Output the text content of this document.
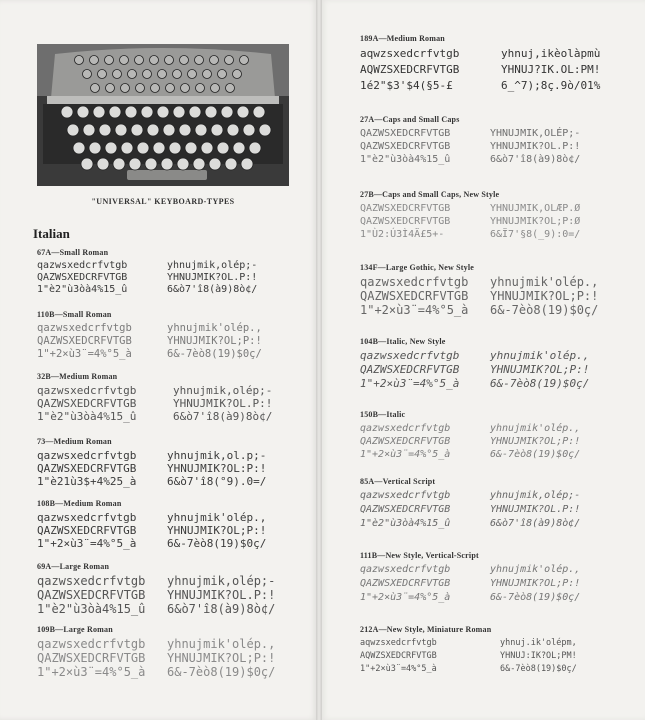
"UNIVERSAL" KEYBOARD-TYPES
Italian
67A—Small Roman
qazwsxedcrfvtgb	yhnujmik,olép;-
QAZWSXEDCRFVTGB	YHNUJMIK?OL.P:!
1"è2"ù3òà4%15_û	6&ò7'î8(à9)8ò¢/
110B—Small Roman
qazwsxedcrfvtgb	yhnujmik'olép.,
QAZWSXEDCRFVTGB	YHNUJMIK?OL;P:!
1"+2×ù3¨=4%°5_à	6&-7èò8(19)$0ç/
32B—Medium Roman
qazwsxedcrfvtgb	yhnujmik,olép;-
QAZWSXEDCRFVTGB	YHNUJMIK?OL.P:!
1"è2"ù3òà4%15_û	6&ò7'î8(à9)8ò¢/
73—Medium Roman
qazwsxedcrfvtgb	yhnujmik,ol.p;-
QAZWSXEDCRFVTGB	YHNUJMIK?OL:P:!
1"è21ù3$+4%25_à	6&ò7'î8(°9).0=/
108B—Medium Roman
qazwsxedcrfvtgb	yhnujmik'olép.,
QAZWSXEDCRFVTGB	YHNUJMIK?OL;P:!
1"+2×ù3¨=4%°5_à	6&-7èò8(19)$0ç/
69A—Large Roman
qazwsxedcrfvtgb	yhnujmik,olép;-
QAZWSXEDCRFVTGB	YHNUJMIK?OL.P:!
1"è2"ù3òà4%15_û	6&ò7'î8(à9)8ò¢/
109B—Large Roman
qazwsxedcrfvtgb	yhnujmik'olép.,
QAZWSXEDCRFVTGB	YHNUJMIK?OL;P:!
1"+2×ù3¨=4%°5_à	6&-7èò8(19)$0ç/
189A—Medium Roman
aqwzsxedcrfvtgb	yhnuj,ikèolàpmù
AQWZSXEDCRFVTGB	YHNUJ?IK.OL:PM!
1é2"$3'$4(§5-£	6_^7);8ç.9ò/01%
27A—Caps and Small Caps
QAZWSXEDCRFVTGB	YHNUJMIK,OLÉP;-
QAZWSXEDCRFVTGB	YHNUJMIK?OL.P:!
1"è2"ù3òà4%15_û	6&ò7'î8(à9)8ò¢/
27B—Caps and Small Caps, New Style
QAZWSXEDCRFVTGB	YHNUJMIK,OLÆP.Ø
QAZWSXEDCRFVTGB	YHNUJMIK?OL;P:Ø
1"Ù2:Ú3Ì4Ä£5+-	6&Ï7'§8(_9):0=/
134F—Large Gothic, New Style
qazwsxedcrfvtgb	yhnujmik'olép.,
QAZWSXEDCRFVTGB	YHNUJMIK?OL;P:!
1"+2×ù3¨=4%°5_à	6&-7èò8(19)$0ç/
104B—Italic, New Style
qazwsxedcrfvtgb	yhnujmik'olép.,
QAZWSXEDCRFVTGB	YHNUJMIK?OL;P:!
1"+2×ù3¨=4%°5_à	6&-7èò8(19)$0ç/
150B—Italic
qazwsxedcrfvtgb	yhnujmik'olép.,
QAZWSXEDCRFVTGB	YHNUJMIK?OL;P:!
1"+2×ù3¨=4%°5_à	6&-7èò8(19)$0ç/
85A—Vertical Script
qazwsxedcrfvtgb	yhnujmik,olép;-
QAZWSXEDCRFVTGB	YHNUJMIK?OL.P:!
1"è2"ù3òà4%15_û	6&ò7'î8(à9)8ò¢/
111B—New Style, Vertical-Script
qazwsxedcrfvtgb	yhnujmik'olép.,
QAZWSXEDCRFVTGB	YHNUJMIK?OL;P:!
1"+2×ù3¨=4%°5_à	6&-7èò8(19)$0ç/
212A—New Style, Miniature Roman
aqwzsxedcrfvtgb	yhnuj.ik'olépm,
AQWZSXEDCRFVTGB	YHNUJ:IK?OL;PM!
1"+2×ù3¨=4%°5_à	6&-7èò8(19)$0ç/
